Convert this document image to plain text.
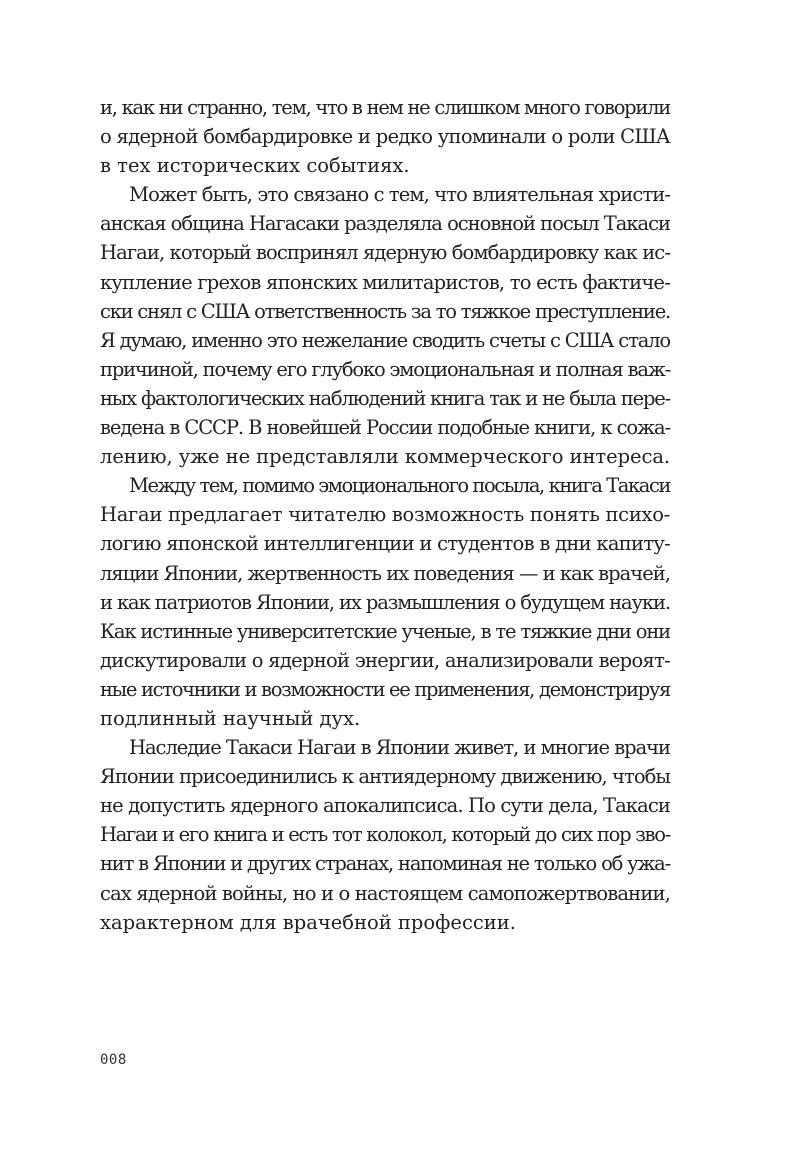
и, как ни странно, тем, что в нем не слишком много говорили
о ядерной бомбардировке и редко упоминали о роли США
в тех исторических событиях.
Может быть, это связано с тем, что влиятельная христи-
анская община Нагасаки разделяла основной посыл Такаси
Нагаи, который воспринял ядерную бомбардировку как ис-
купление грехов японских милитаристов, то есть фактиче-
ски снял с США ответственность за то тяжкое преступление.
Я думаю, именно это нежелание сводить счеты с США стало
причиной, почему его глубоко эмоциональная и полная важ-
ных фактологических наблюдений книга так и не была пере-
ведена в СССР. В новейшей России подобные книги, к сожа-
лению, уже не представляли коммерческого интереса.
Между тем, помимо эмоционального посыла, книга Такаси
Нагаи предлагает читателю возможность понять психо-
логию японской интеллигенции и студентов в дни капиту-
ляции Японии, жертвенность их поведения — и как врачей,
и как патриотов Японии, их размышления о будущем науки.
Как истинные университетские ученые, в те тяжкие дни они
дискутировали о ядерной энергии, анализировали вероят-
ные источники и возможности ее применения, демонстрируя
подлинный научный дух.
Наследие Такаси Нагаи в Японии живет, и многие врачи
Японии присоединились к антиядерному движению, чтобы
не допустить ядерного апокалипсиса. По сути дела, Такаси
Нагаи и его книга и есть тот колокол, который до сих пор зво-
нит в Японии и других странах, напоминая не только об ужа-
сах ядерной войны, но и о настоящем самопожертвовании,
характерном для врачебной профессии.
008
